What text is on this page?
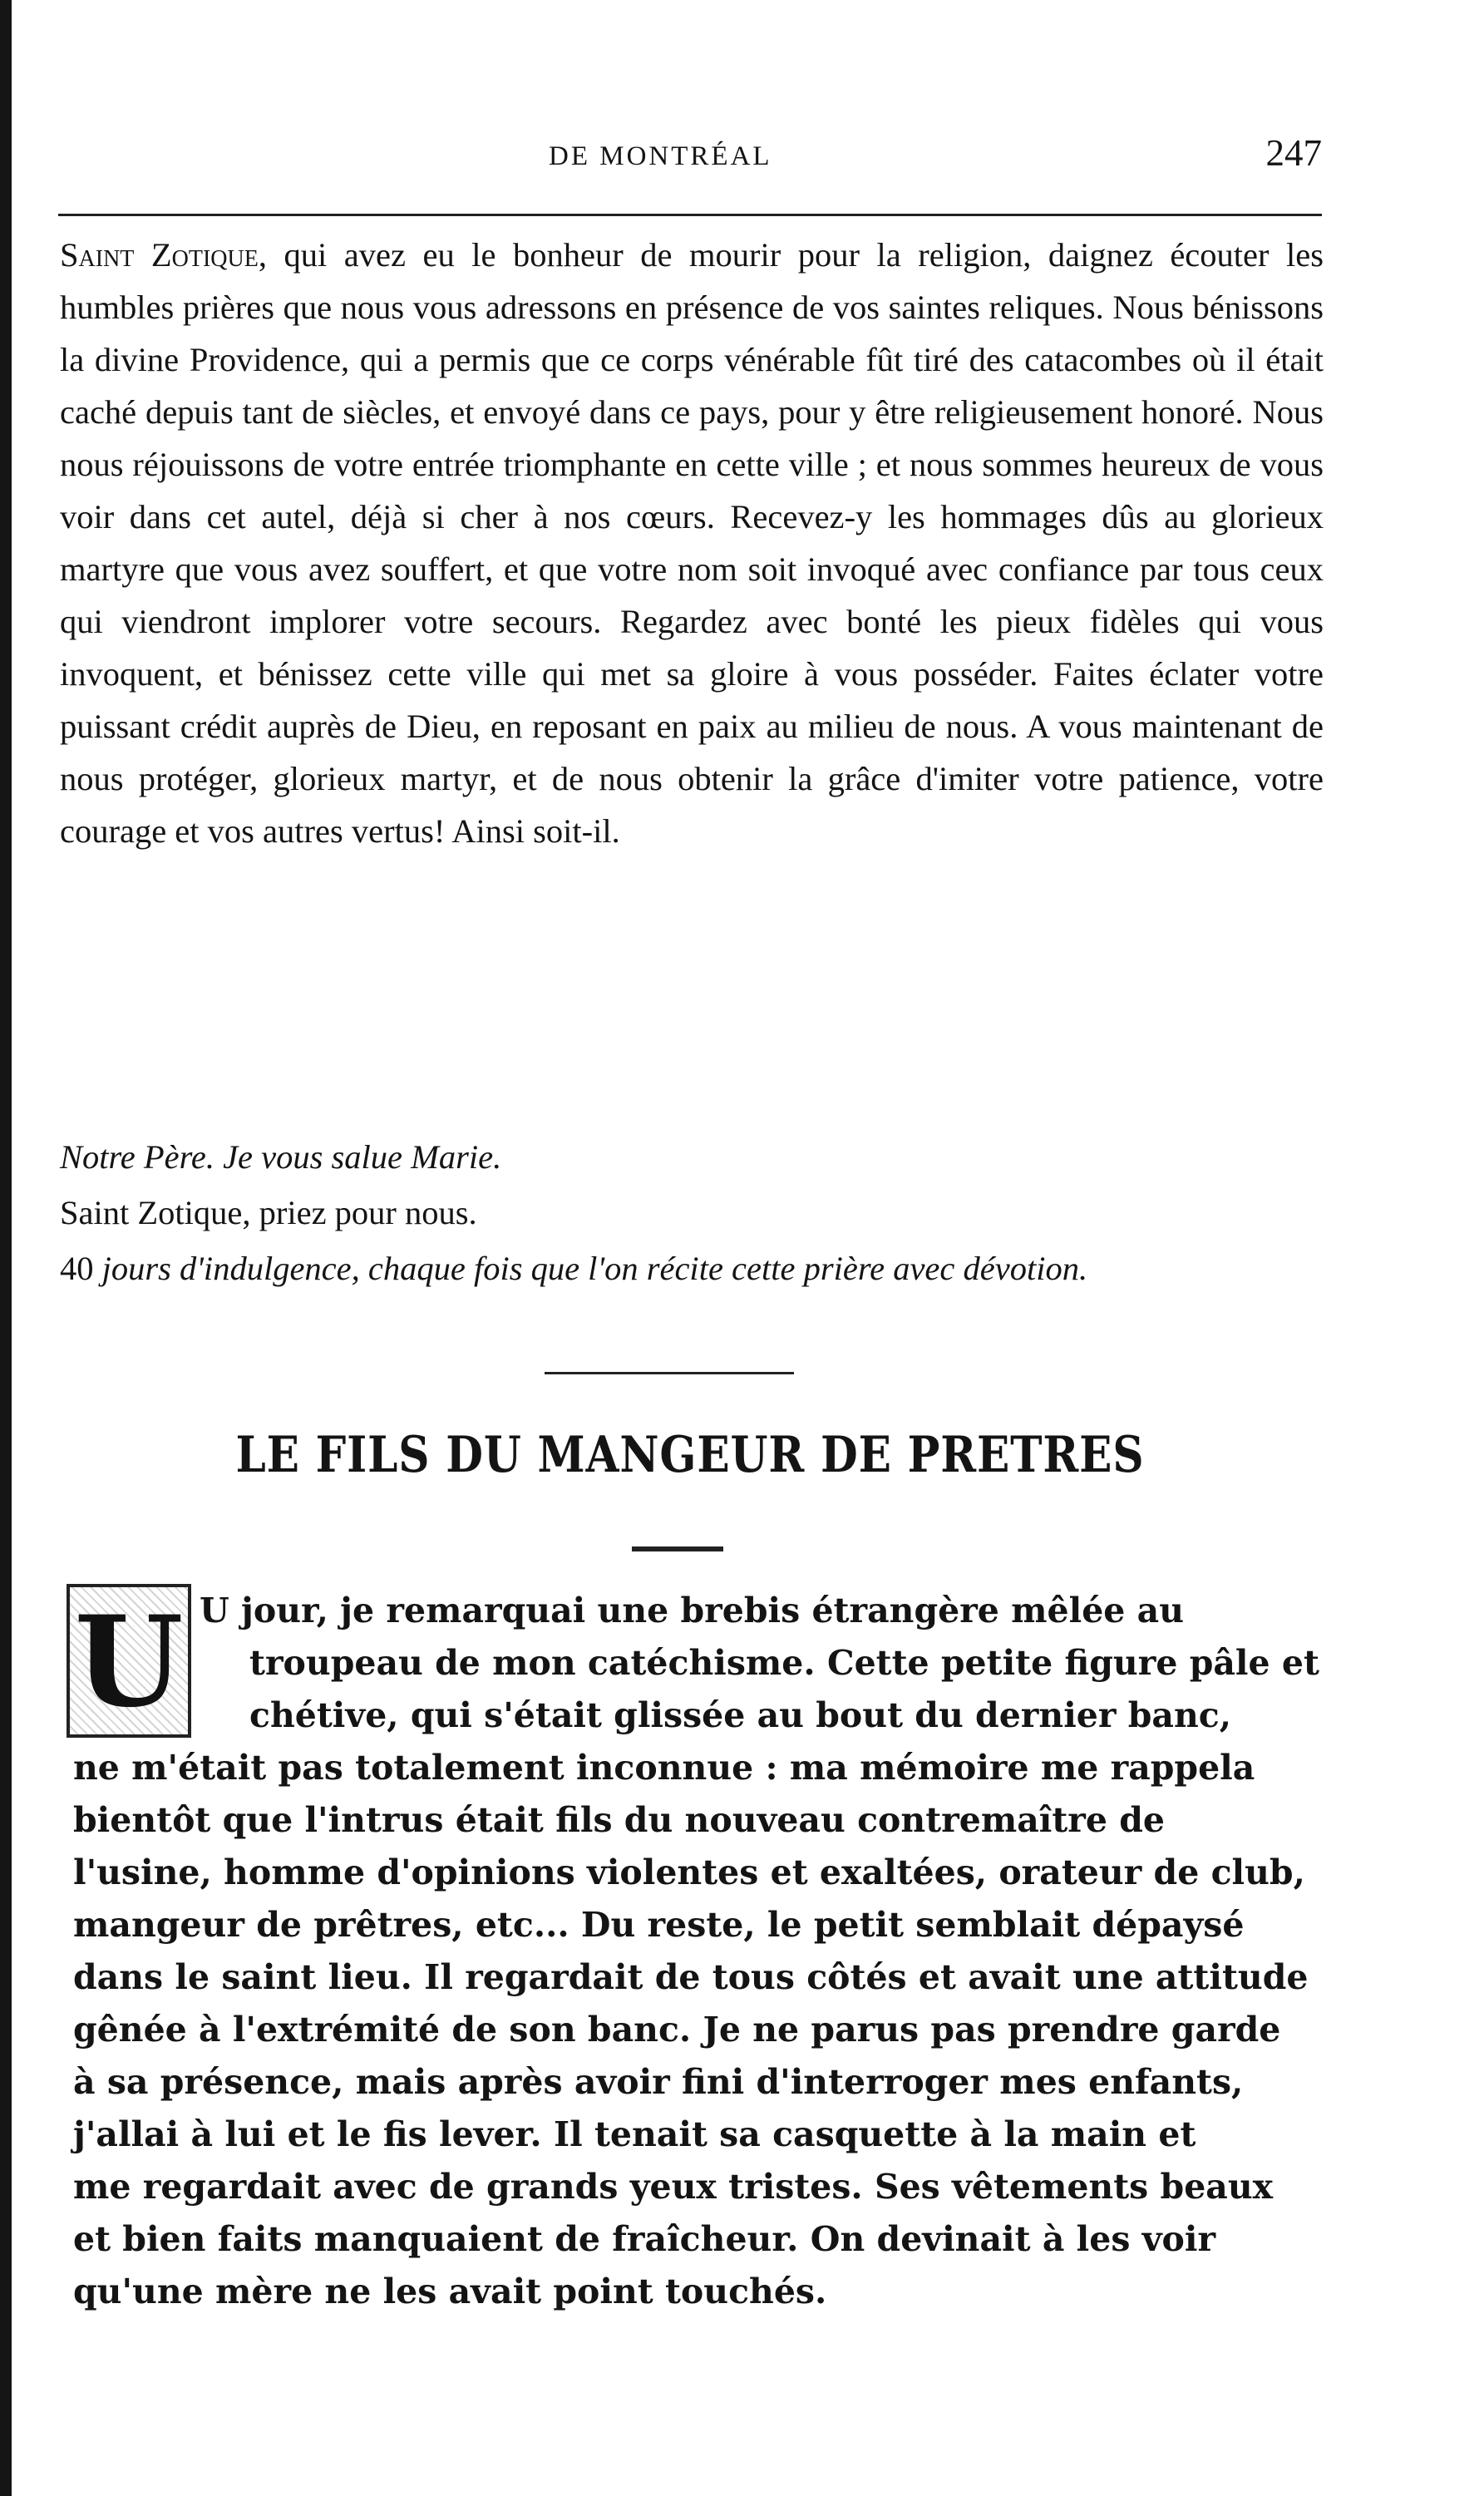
DE MONTRÉAL	247

Saint Zotique, qui avez eu le bonheur de mourir pour la religion, daignez écouter les humbles prières que nous vous adressons en présence de vos saintes reliques. Nous bénissons la divine Providence, qui a permis que ce corps vénérable fût tiré des catacombes où il était caché depuis tant de siècles, et envoyé dans ce pays, pour y être religieusement honoré. Nous nous réjouissons de votre entrée triomphante en cette ville ; et nous sommes heureux de vous voir dans cet autel, déjà si cher à nos cœurs. Recevez-y les hommages dûs au glorieux martyre que vous avez souffert, et que votre nom soit invoqué avec confiance par tous ceux qui viendront implorer votre secours. Regardez avec bonté les pieux fidèles qui vous invoquent, et bénissez cette ville qui met sa gloire à vous posséder. Faites éclater votre puissant crédit auprès de Dieu, en reposant en paix au milieu de nous. A vous maintenant de nous protéger, glorieux martyr, et de nous obtenir la grâce d'imiter votre patience, votre courage et vos autres vertus! Ainsi soit-il.

Notre Père. Je vous salue Marie.
Saint Zotique, priez pour nous.
40 jours d'indulgence, chaque fois que l'on récite cette prière avec dévotion.
LE FILS DU MANGEUR DE PRETRES
U U jour, je remarquai une brebis étrangère mêlée au
troupeau de mon catéchisme. Cette petite figure pâle et
chétive, qui s'était glissée au bout du dernier banc,
ne m'était pas totalement inconnue : ma mémoire me rappela
bientôt que l'intrus était fils du nouveau contremaître de
l'usine, homme d'opinions violentes et exaltées, orateur de club,
mangeur de prêtres, etc... Du reste, le petit semblait dépaysé
dans le saint lieu. Il regardait de tous côtés et avait une attitude
gênée à l'extrémité de son banc. Je ne parus pas prendre garde
à sa présence, mais après avoir fini d'interroger mes enfants,
j'allai à lui et le fis lever. Il tenait sa casquette à la main et
me regardait avec de grands yeux tristes. Ses vêtements beaux
et bien faits manquaient de fraîcheur. On devinait à les voir
qu'une mère ne les avait point touchés.
